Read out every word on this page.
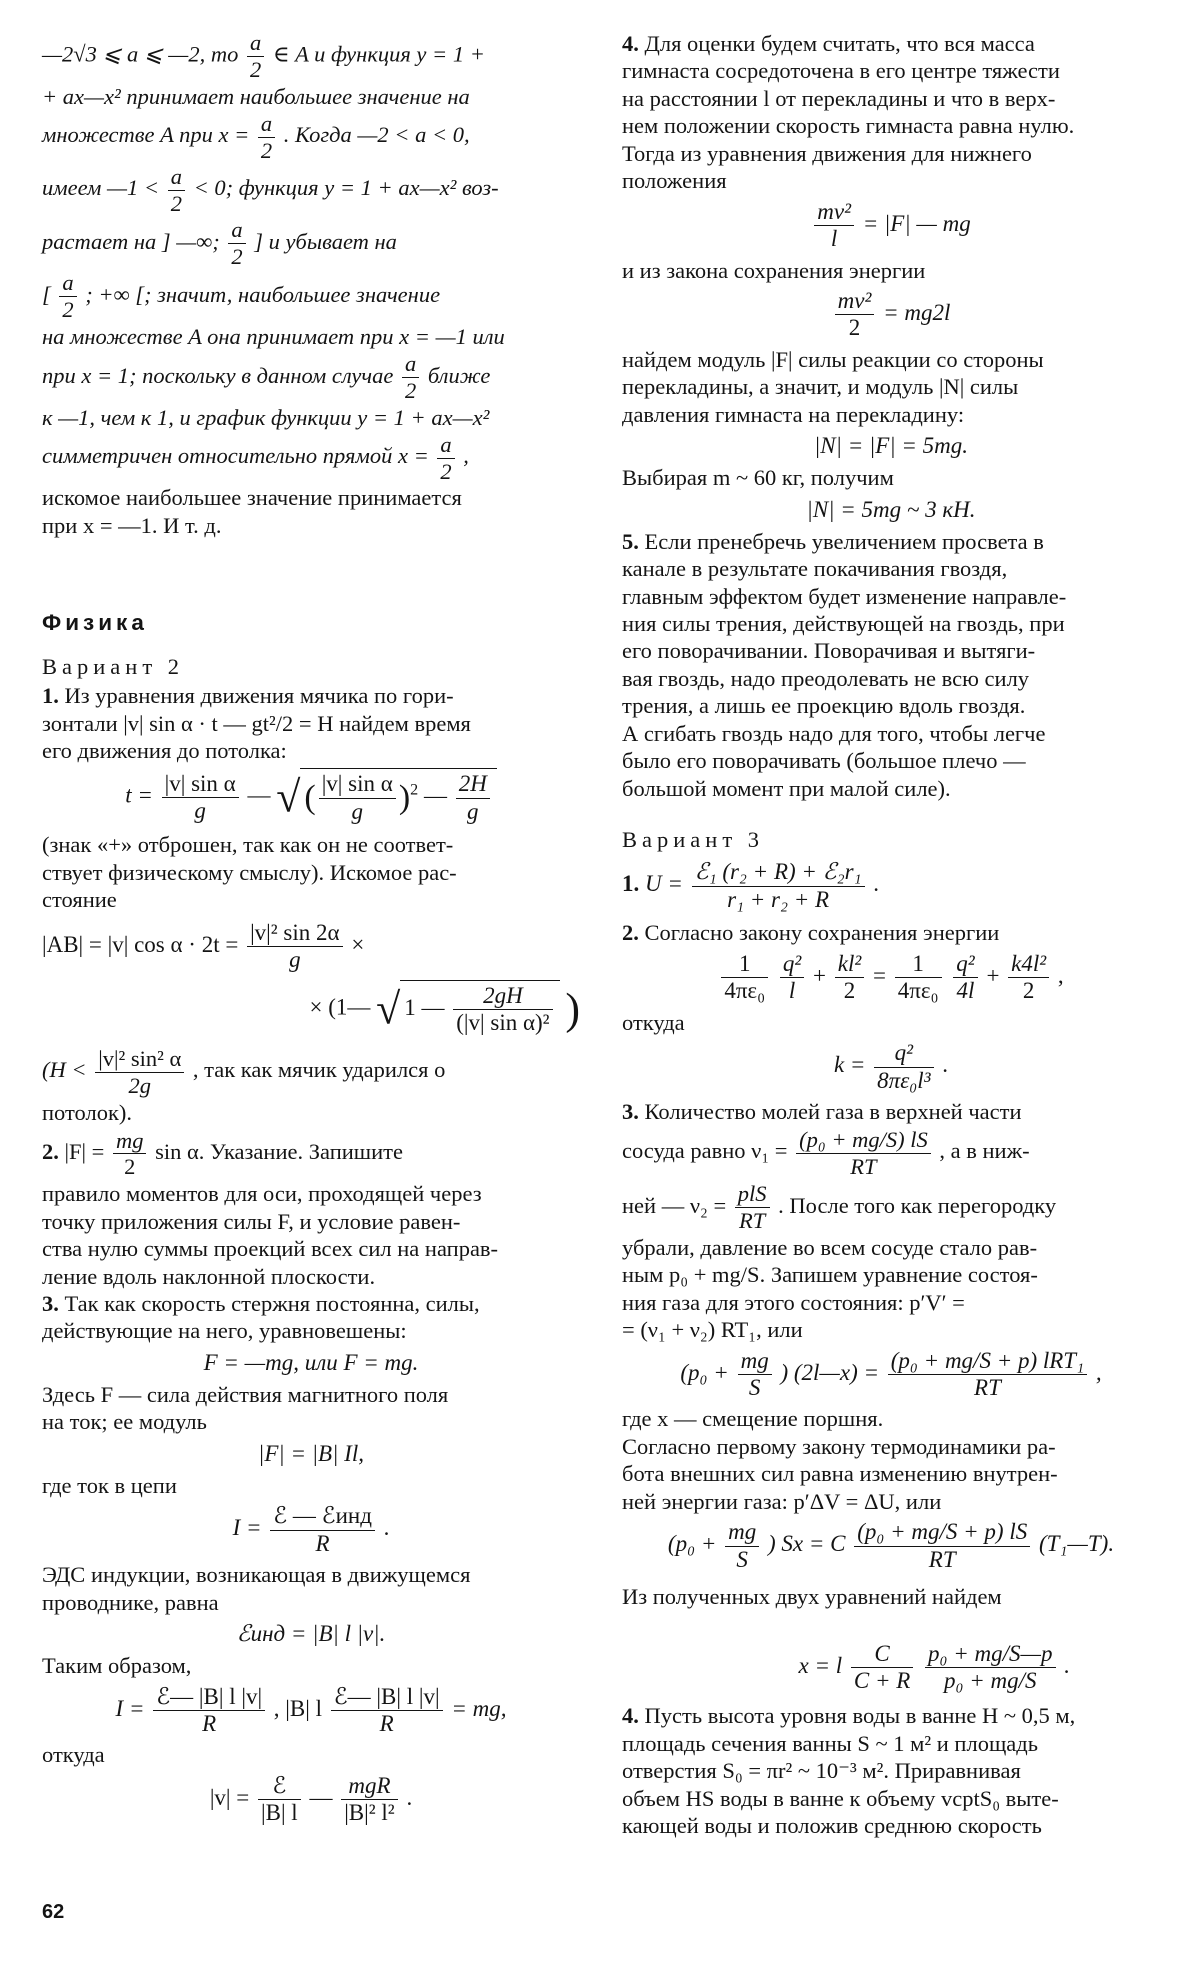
—2√3 ⩽ a ⩽ —2, то $\frac{a}{2}$ ∈ A и функция y = 1 +

+ ax—x² принимает наибольшее значение на

множестве A при $x = \frac{a}{2}$ . Когда —2 < a < 0,

имеем —1 < $\frac{a}{2} < 0$; функция y = 1 + ax—x² воз-

растает на ] —∞; $\frac{a}{2}$ ] и убывает на

[ $\frac{a}{2}$ ; +∞ [; значит, наибольшее значение

на множестве A она принимает при x = —1 или

при x = 1; поскольку в данном случае $\frac{a}{2}$ ближе

к —1, чем к 1, и график функции y = 1 + ax—x²

симметричен относительно прямой $x = \frac{a}{2}$ ,

искомое наибольшее значение принимается

при x = —1. И т. д.

Физика
Вариант 2

1. Из уравнения движения мячика по гори-

зонтали |v| sin α · t — gt²/2 = H найдем время

его движения до потолка:

$t = \frac{\text{|v| sin α}}{g}$ — √ ( $\frac{\text{|v| sin α}}{g} )^2$ — $\frac{2H}{g}$

(знак «+» отброшен, так как он не соответ-

ствует физическому смыслу). Искомое рас-

стояние

|AB| = |v| $\cos \alpha \cdot 2t = \frac{\text{|v|² sin 2α}}{g}$ ×
× (1— √ 1 — $\frac{2gH}{\text{(|v| sin α)²}}$ )

($H < \frac{\text{|v|² sin² α}}{2g}$ , так как мячик ударился о

потолок).

2. $|F| = \frac{mg}{2}$ sin α. Указание. Запишите

правило моментов для оси, проходящей через

точку приложения силы F, и условие равен-

ства нулю суммы проекций всех сил на направ-

ление вдоль наклонной плоскости.

3. Так как скорость стержня постоянна, силы,

действующие на него, уравновешены:

F = —mg, или F = mg.

Здесь F — сила действия магнитного поля

на ток; ее модуль

|F| = |B| Il,

где ток в цепи

$I = \frac{\text{ℰ — ℰинд}}{R}$ .

ЭДС индукции, возникающая в движущемся

проводнике, равна

ℰинд = |B| l |v|.

Таким образом,

$I = \frac{\text{ℰ— |B| l |v|}}{R}$ , |B| l $\frac{\text{ℰ— |B| l |v|}}{R}$ = mg,

откуда

$|v| = \frac{\text{ℰ}}{|B| l}$ — $\frac{\text{mgR}}{\text{|B|² l²}}$ .

4. Для оценки будем считать, что вся масса

гимнаста сосредоточена в его центре тяжести

на расстоянии l от перекладины и что в верх-

нем положении скорость гимнаста равна нулю.

Тогда из уравнения движения для нижнего

положения

$\frac{\text{mv²}}{l} = |F|$ — mg

и из закона сохранения энергии

$\frac{\text{mv²}}{2} = mg2l$

найдем модуль |F| силы реакции со стороны

перекладины, а значит, и модуль |N| силы

давления гимнаста на перекладину:

|N| = |F| = 5mg.

Выбирая m ~ 60 кг, получим

|N| = 5mg ~ 3 кН.

5. Если пренебречь увеличением просвета в

канале в результате покачивания гвоздя,

главным эффектом будет изменение направле-

ния силы трения, действующей на гвоздь, при

его поворачивании. Поворачивая и вытяги-

вая гвоздь, надо преодолевать не всю силу

трения, а лишь ее проекцию вдоль гвоздя.

А сгибать гвоздь надо для того, чтобы легче

было его поворачивать (большое плечо —

большой момент при малой силе).

Вариант 3
1. $U = \frac{\text{ℰ₁ (r₂ + R) + ℰ₂r₁}}{\text{r₁ + r₂ + R}}$ .

2. Согласно закону сохранения энергии

$\frac{1}{\text{4πε₀}}$
$\frac{\text{q²}}{l} + \frac{\text{kl²}}{2} = \frac{1}{\text{4πε₀}}$
$\frac{\text{q²}}{4l} + \frac{\text{k4l²}}{2}$ ,

откуда

$k = \frac{\text{q²}}{\text{8πε₀l³}}$ .

3. Количество молей газа в верхней части

сосуда равно $\nu_1 = \frac{\text{(p₀ + mg/S) lS}}{RT}$ , а в ниж-

ней — $\nu_2 = \frac{\text{plS}}{RT}$ . После того как перегородку

убрали, давление во всем сосуде стало рав-

ным p₀ + mg/S. Запишем уравнение состоя-

ния газа для этого состояния: p′V′ =

= (ν₁ + ν₂) RT₁, или

($p_0 + \frac{mg}{S}$ ) (2l—x) = $\frac{\text{(p₀ + mg/S + p) lRT₁}}{RT}$ ,

где x — смещение поршня.

Согласно первому закону термодинамики ра-

бота внешних сил равна изменению внутрен-

ней энергии газа: p′ΔV = ΔU, или

($p_0 + \frac{mg}{S}$ ) Sx = C $\frac{\text{(p₀ + mg/S + p) lS}}{RT}$ (T₁—T).

Из полученных двух уравнений найдем

x = l $\frac{C}{C + R}$
$\frac{\text{p₀ + mg/S—p}}{\text{p₀ + mg/S}}$ .

4. Пусть высота уровня воды в ванне H ~ 0,5 м,

площадь сечения ванны S ~ 1 м² и площадь

отверстия S₀ = πr² ~ 10⁻³ м². Приравнивая

объем HS воды в ванне к объему vсрtS₀ выте-

кающей воды и положив среднюю скорость

62
